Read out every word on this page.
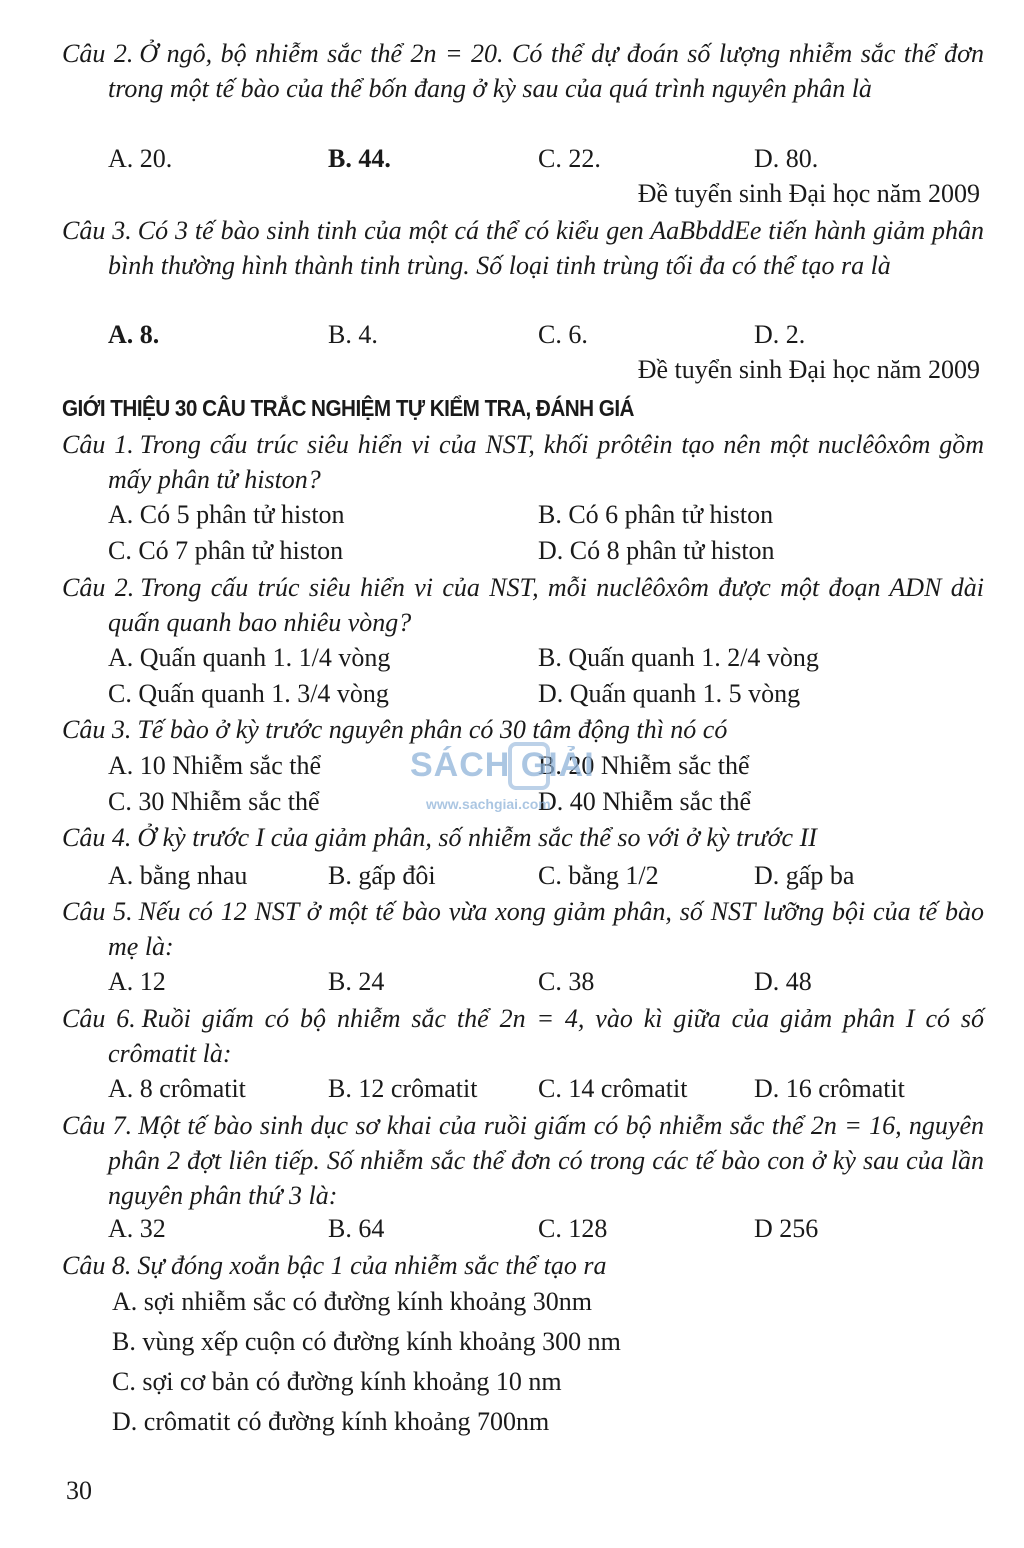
Câu 2. Ở ngô, bộ nhiễm sắc thể 2n = 20. Có thể dự đoán số lượng nhiễm sắc thể đơn trong một tế bào của thể bốn đang ở kỳ sau của quá trình nguyên phân là
A. 20.	B. 44.	C. 22.	D. 80.
Đề tuyển sinh Đại học năm 2009
Câu 3. Có 3 tế bào sinh tinh của một cá thể có kiểu gen AaBbddEe tiến hành giảm phân bình thường hình thành tinh trùng. Số loại tinh trùng tối đa có thể tạo ra là
A. 8.	B. 4.	C. 6.	D. 2.
Đề tuyển sinh Đại học năm 2009
GIỚI THIỆU 30 CÂU TRẮC NGHIỆM TỰ KIỂM TRA, ĐÁNH GIÁ
Câu 1. Trong cấu trúc siêu hiển vi của NST, khối prôtêin tạo nên một nuclêôxôm gồm mấy phân tử histon?
A. Có 5 phân tử histon	B. Có 6 phân tử histon
C. Có 7 phân tử histon	D. Có 8 phân tử histon
Câu 2. Trong cấu trúc siêu hiển vi của NST, mỗi nuclêôxôm được một đoạn ADN dài quấn quanh bao nhiêu vòng?
A. Quấn quanh 1. 1/4 vòng	B. Quấn quanh 1. 2/4 vòng
C. Quấn quanh 1. 3/4 vòng	D. Quấn quanh 1. 5 vòng
Câu 3. Tế bào ở kỳ trước nguyên phân có 30 tâm động thì nó có
A. 10 Nhiễm sắc thể	B. 20 Nhiễm sắc thể
C. 30 Nhiễm sắc thể	D. 40 Nhiễm sắc thể
SÁCH GIẢI
www.sachgiai.com
Câu 4. Ở kỳ trước I của giảm phân, số nhiễm sắc thể so với ở kỳ trước II
A. bằng nhau	B. gấp đôi	C. bằng 1/2	D. gấp ba
Câu 5. Nếu có 12 NST ở một tế bào vừa xong giảm phân, số NST lưỡng bội của tế bào mẹ là:
A. 12	B. 24	C. 38	D. 48
Câu 6. Ruồi giấm có bộ nhiễm sắc thể 2n = 4, vào kì giữa của giảm phân I có số crômatit là:
A. 8 crômatit	B. 12 crômatit C. 14 crômatit	D. 16 crômatit
Câu 7. Một tế bào sinh dục sơ khai của ruồi giấm có bộ nhiễm sắc thể 2n = 16, nguyên phân 2 đợt liên tiếp. Số nhiễm sắc thể đơn có trong các tế bào con ở kỳ sau của lần nguyên phân thứ 3 là:
A. 32	B. 64	C. 128	D 256
Câu 8. Sự đóng xoắn bậc 1 của nhiễm sắc thể tạo ra
A. sợi nhiễm sắc có đường kính khoảng 30nm
B. vùng xếp cuộn có đường kính khoảng 300 nm
C. sợi cơ bản có đường kính khoảng 10 nm
D. crômatit có đường kính khoảng 700nm
30
